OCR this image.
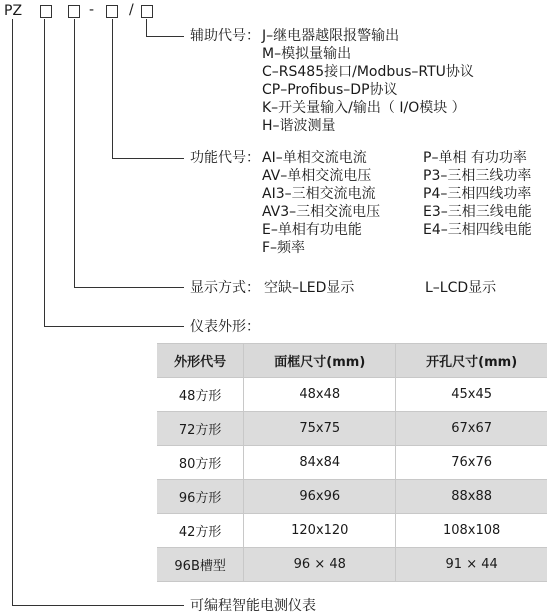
PZ	- /
辅助代号： J–继电器越限报警输出
M–模拟量输出
C–RS485接口/Modbus–RTU协议
CP–Profibus–DP协议
K–开关量输入/输出（ I/O模块 ）
H–谐波测量
功能代号： AI–单相交流电流
AV–单相交流电压
AI3–三相交流电流
AV3–三相交流电压
E–单相有功电能
F–频率
P–单相 有功功率
P3–三相三线功率
P4–三相四线功率
E3–三相三线电能
E4–三相四线电能
显示方式： 空缺–LED显示	L–LCD显示
仪表外形：
外形代号	面框尺寸(mm)	开孔尺寸(mm)
48方形	48x48	45x45
72方形	75x75	67x67
80方形	84x84	76x76
96方形	96x96	88x88
42方形	120x120	108x108
96B槽型	96 × 48	91 × 44
可编程智能电测仪表
